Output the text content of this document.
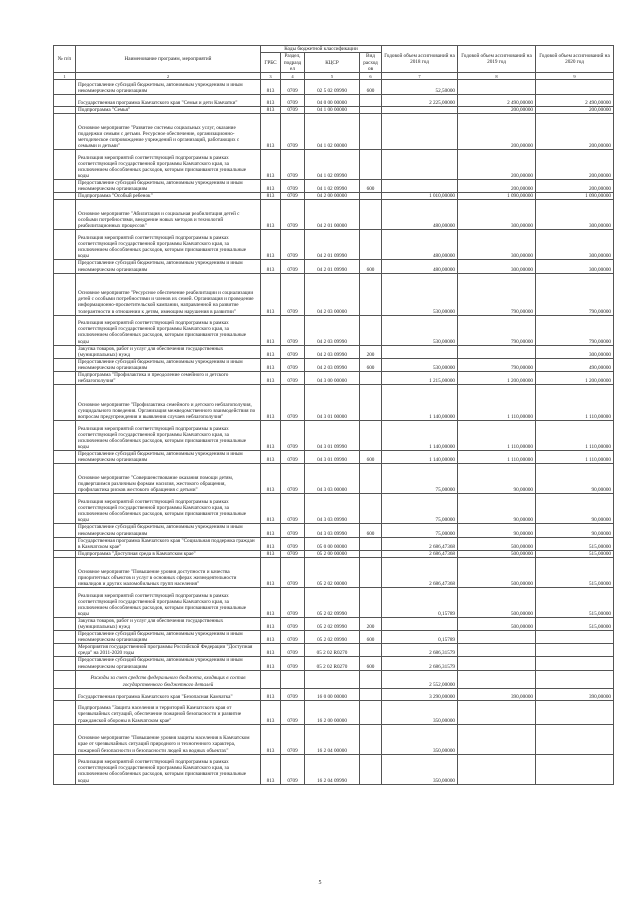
№ п/п	Наименование программ, мероприятий	Коды бюджетной классификации				Годовой объем ассигнований на 2018 год	Годовой объем ассигнований на 2019 год	Годовой объем ассигнований на 2020 год
		ГРБС	Раздел, подраздел	КЦСР	Вид расходов			
1	2	3	4	5	6	7	8	9
	Предоставление субсидий бюджетным, автономным учреждениям и иным некоммерческим организациям	813	0709	02 5 02 09990	600	52,50000		
	Государственная программа Камчатского края "Семья и дети Камчатки"	813	0709	04 0 00 00000		2 225,00000	2 490,00000	2 490,00000
	Подпрограмма "Семья"	813	0709	04 1 00 00000			200,00000	200,00000
	Основное мероприятие "Развитие системы социальных услуг, оказание поддержки семьям с детьми. Ресурсное обеспечение, организационно-методическое сопровождение учреждений и организаций, работающих с семьями и детьми"	813	0709	04 1 02 00000			200,00000	200,00000
	Реализация мероприятий соответствующей подпрограммы в рамках соответствующей государственной программы Камчатского края, за исключением обособленных расходов, которым присваиваются уникальные коды	813	0709	04 1 02 09990			200,00000	200,00000
	Предоставление субсидий бюджетным, автономным учреждениям и иным некоммерческим организациям	813	0709	04 1 02 09990	600		200,00000	200,00000
	Подпрограмма "Особый ребенок"	813	0709	04 2 00 00000		1 010,00000	1 090,00000	1 090,00000
	Основное мероприятие "Абилитация и социальная реабилитация детей с особыми потребностями, внедрение новых методов и технологий реабилитационных процессов"	813	0709	04 2 01 00000		480,00000	300,00000	300,00000
	Реализация мероприятий соответствующей подпрограммы в рамках соответствующей государственной программы Камчатского края, за исключением обособленных расходов, которым присваиваются уникальные коды	813	0709	04 2 01 09990		480,00000	300,00000	300,00000
	Предоставление субсидий бюджетным, автономным учреждениям и иным некоммерческим организациям	813	0709	04 2 01 09990	600	480,00000	300,00000	300,00000
	Основное мероприятие "Ресурсное обеспечение реабилитации и социализации детей с особыми потребностями и членов их семей. Организация и проведение информационно-просветительской кампании, направленной на развитие толерантности в отношении к детям, имеющим нарушения в развитии"	813	0709	04 2 03 00000		530,00000	790,00000	790,00000
	Реализация мероприятий соответствующей подпрограммы в рамках соответствующей государственной программы Камчатского края, за исключением обособленных расходов, которым присваиваются уникальные коды	813	0709	04 2 03 09990		530,00000	790,00000	790,00000
	Закупка товаров, работ и услуг для обеспечения государственных (муниципальных) нужд	813	0709	04 2 03 09990	200			300,00000
	Предоставление субсидий бюджетным, автономным учреждениям и иным некоммерческим организациям	813	0709	04 2 03 09990	600	530,00000	790,00000	490,00000
	Подпрограмма "Профилактика и преодоление семейного и детского неблагополучия"	813	0709	04 3 00 00000		1 215,00000	1 200,00000	1 200,00000
	Основное мероприятие "Профилактика семейного и детского неблагополучия, суицидального поведения. Организация межведомственного взаимодействия по вопросам предупреждения и выявления случаев неблагополучия"	813	0709	04 3 01 00000		1 140,00000	1 110,00000	1 110,00000
	Реализация мероприятий соответствующей подпрограммы в рамках соответствующей государственной программы Камчатского края, за исключением обособленных расходов, которым присваиваются уникальные коды	813	0709	04 3 01 09990		1 140,00000	1 110,00000	1 110,00000
	Предоставление субсидий бюджетным, автономным учреждениям и иным некоммерческим организациям	813	0709	04 3 01 09990	600	1 140,00000	1 110,00000	1 110,00000
	Основное мероприятие "Совершенствование оказания помощи детям, подвергшимся различным формам насилия, жестокого обращения, профилактика рисков жестокого обращения с детьми"	813	0709	04 3 03 00000		75,00000	90,00000	90,00000
	Реализация мероприятий соответствующей подпрограммы в рамках соответствующей государственной программы Камчатского края, за исключением обособленных расходов, которым присваиваются уникальные коды	813	0709	04 3 03 09990		75,00000	90,00000	90,00000
	Предоставление субсидий бюджетным, автономным учреждениям и иным некоммерческим организациям	813	0709	04 3 03 09990	600	75,00000	90,00000	90,00000
	Государственная программа Камчатского края "Социальная поддержка граждан в Камчатском крае"	813	0709	05 0 00 00000		2 686,47368	500,00000	515,00000
	Подпрограмма "Доступная среда в Камчатском крае"	813	0709	05 2 00 00000		2 686,47368	500,00000	515,00000
	Основное мероприятие "Повышение уровня доступности и качества приоритетных объектов и услуг в основных сферах жизнедеятельности инвалидов и других маломобильных групп населения"	813	0709	05 2 02 00000		2 686,47368	500,00000	515,00000
	Реализация мероприятий соответствующей подпрограммы в рамках соответствующей государственной программы Камчатского края, за исключением обособленных расходов, которым присваиваются уникальные коды	813	0709	05 2 02 09990		0,15789	500,00000	515,00000
	Закупка товаров, работ и услуг для обеспечения государственных (муниципальных) нужд	813	0709	05 2 02 09990	200		500,00000	515,00000
	Предоставление субсидий бюджетным, автономным учреждениям и иным некоммерческим организациям	813	0709	05 2 02 09990	600	0,15789		
	Мероприятия государственной программы Российской Федерации "Доступная среда" на 2011-2020 годы	813	0709	05 2 02 R0270		2 686,31579		
	Предоставление субсидий бюджетным, автономным учреждениям и иным некоммерческим организациям	813	0709	05 2 02 R0270	600	2 686,31579		
	Расходы за счет средств федерального бюджета, входящих в состав государственного бюджетного деталей					2 552,00000		
	Государственная программа Камчатского края "Безопасная Камчатка"	813	0709	16 0 00 00000		3 290,00000	390,00000	390,00000
	Подпрограмма "Защита населения и территорий Камчатского края от чрезвычайных ситуаций, обеспечение пожарной безопасности и развитие гражданской обороны в Камчатском крае"	813	0709	16 2 00 00000		350,00000		
	Основное мероприятие "Повышение уровня защиты населения в Камчатском крае от чрезвычайных ситуаций природного и техногенного характера, пожарной безопасности и безопасности людей на водных объектах"	813	0709	16 2 04 00000		350,00000		
	Реализация мероприятий соответствующей подпрограммы в рамках соответствующей государственной программы Камчатского края, за исключением обособленных расходов, которым присваиваются уникальные коды	813	0709	16 2 04 09990		350,00000		
5
